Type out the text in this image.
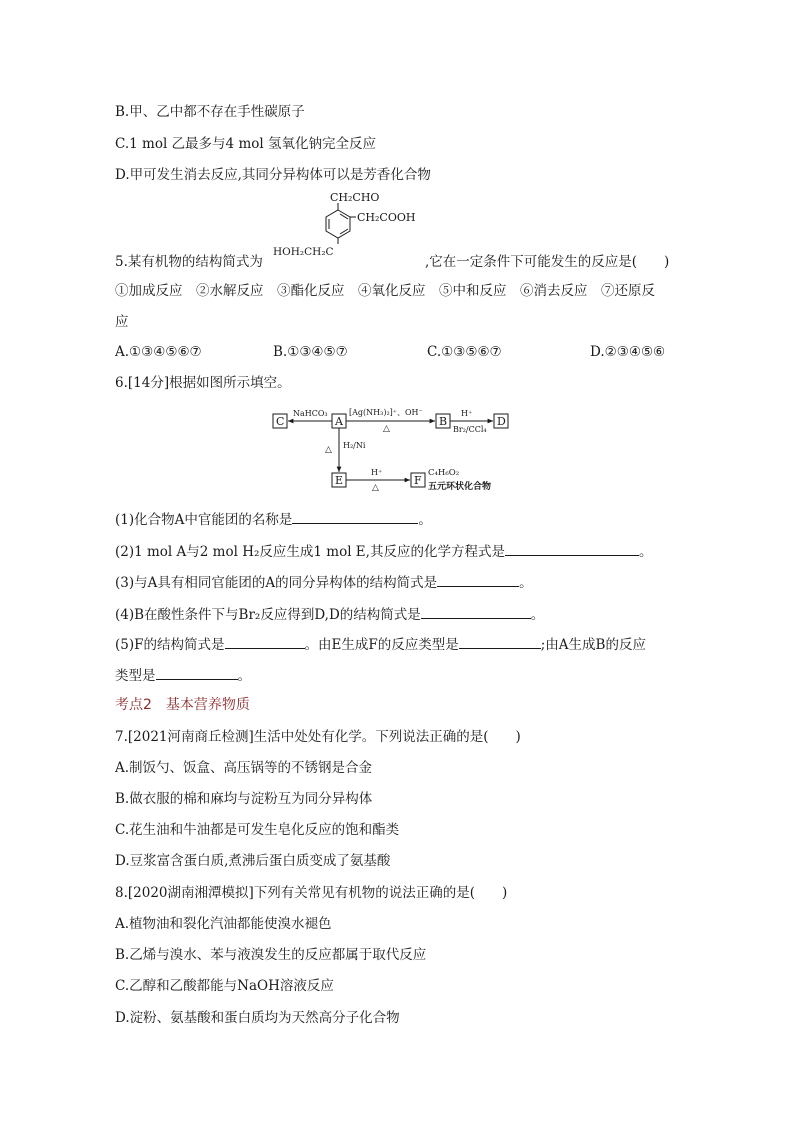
B.甲、乙中都不存在手性碳原子
C.1 mol 乙最多与4 mol 氢氧化钠完全反应
D.甲可发生消去反应,其同分异构体可以是芳香化合物
CH₂CHO
CH₂COOH
HOH₂CH₂C
5.某有机物的结构简式为	,它在一定条件下可能发生的反应是(　　)
①加成反应　②水解反应　③酯化反应　④氧化反应　⑤中和反应　⑥消去反应　⑦还原反
应
A.①③④⑤⑥⑦	B.①③④⑤⑦	C.①③⑤⑥⑦	D.②③④⑤⑥
6.[14分]根据如图所示填空。
C	A	B	D
E	F
NaHCO₃	[Ag(NH₃)₂]⁺、OH⁻
△
H⁺
Br₂/CCl₄
H₂/Ni
△
H⁺
△
C₄H₆O₂
五元环状化合物
(1)化合物A中官能团的名称是	。
(2)1 mol A与2 mol H₂反应生成1 mol E,其反应的化学方程式是	。
(3)与A具有相同官能团的A的同分异构体的结构简式是	。
(4)B在酸性条件下与Br₂反应得到D,D的结构简式是	。
(5)F的结构简式是	。由E生成F的反应类型是	;由A生成B的反应
类型是	。
考点2　基本营养物质
7.[2021河南商丘检测]生活中处处有化学。下列说法正确的是(　　)
A.制饭勺、饭盒、高压锅等的不锈钢是合金
B.做衣服的棉和麻均与淀粉互为同分异构体
C.花生油和牛油都是可发生皂化反应的饱和酯类
D.豆浆富含蛋白质,煮沸后蛋白质变成了氨基酸
8.[2020湖南湘潭模拟]下列有关常见有机物的说法正确的是(　　)
A.植物油和裂化汽油都能使溴水褪色
B.乙烯与溴水、苯与液溴发生的反应都属于取代反应
C.乙醇和乙酸都能与NaOH溶液反应
D.淀粉、氨基酸和蛋白质均为天然高分子化合物
